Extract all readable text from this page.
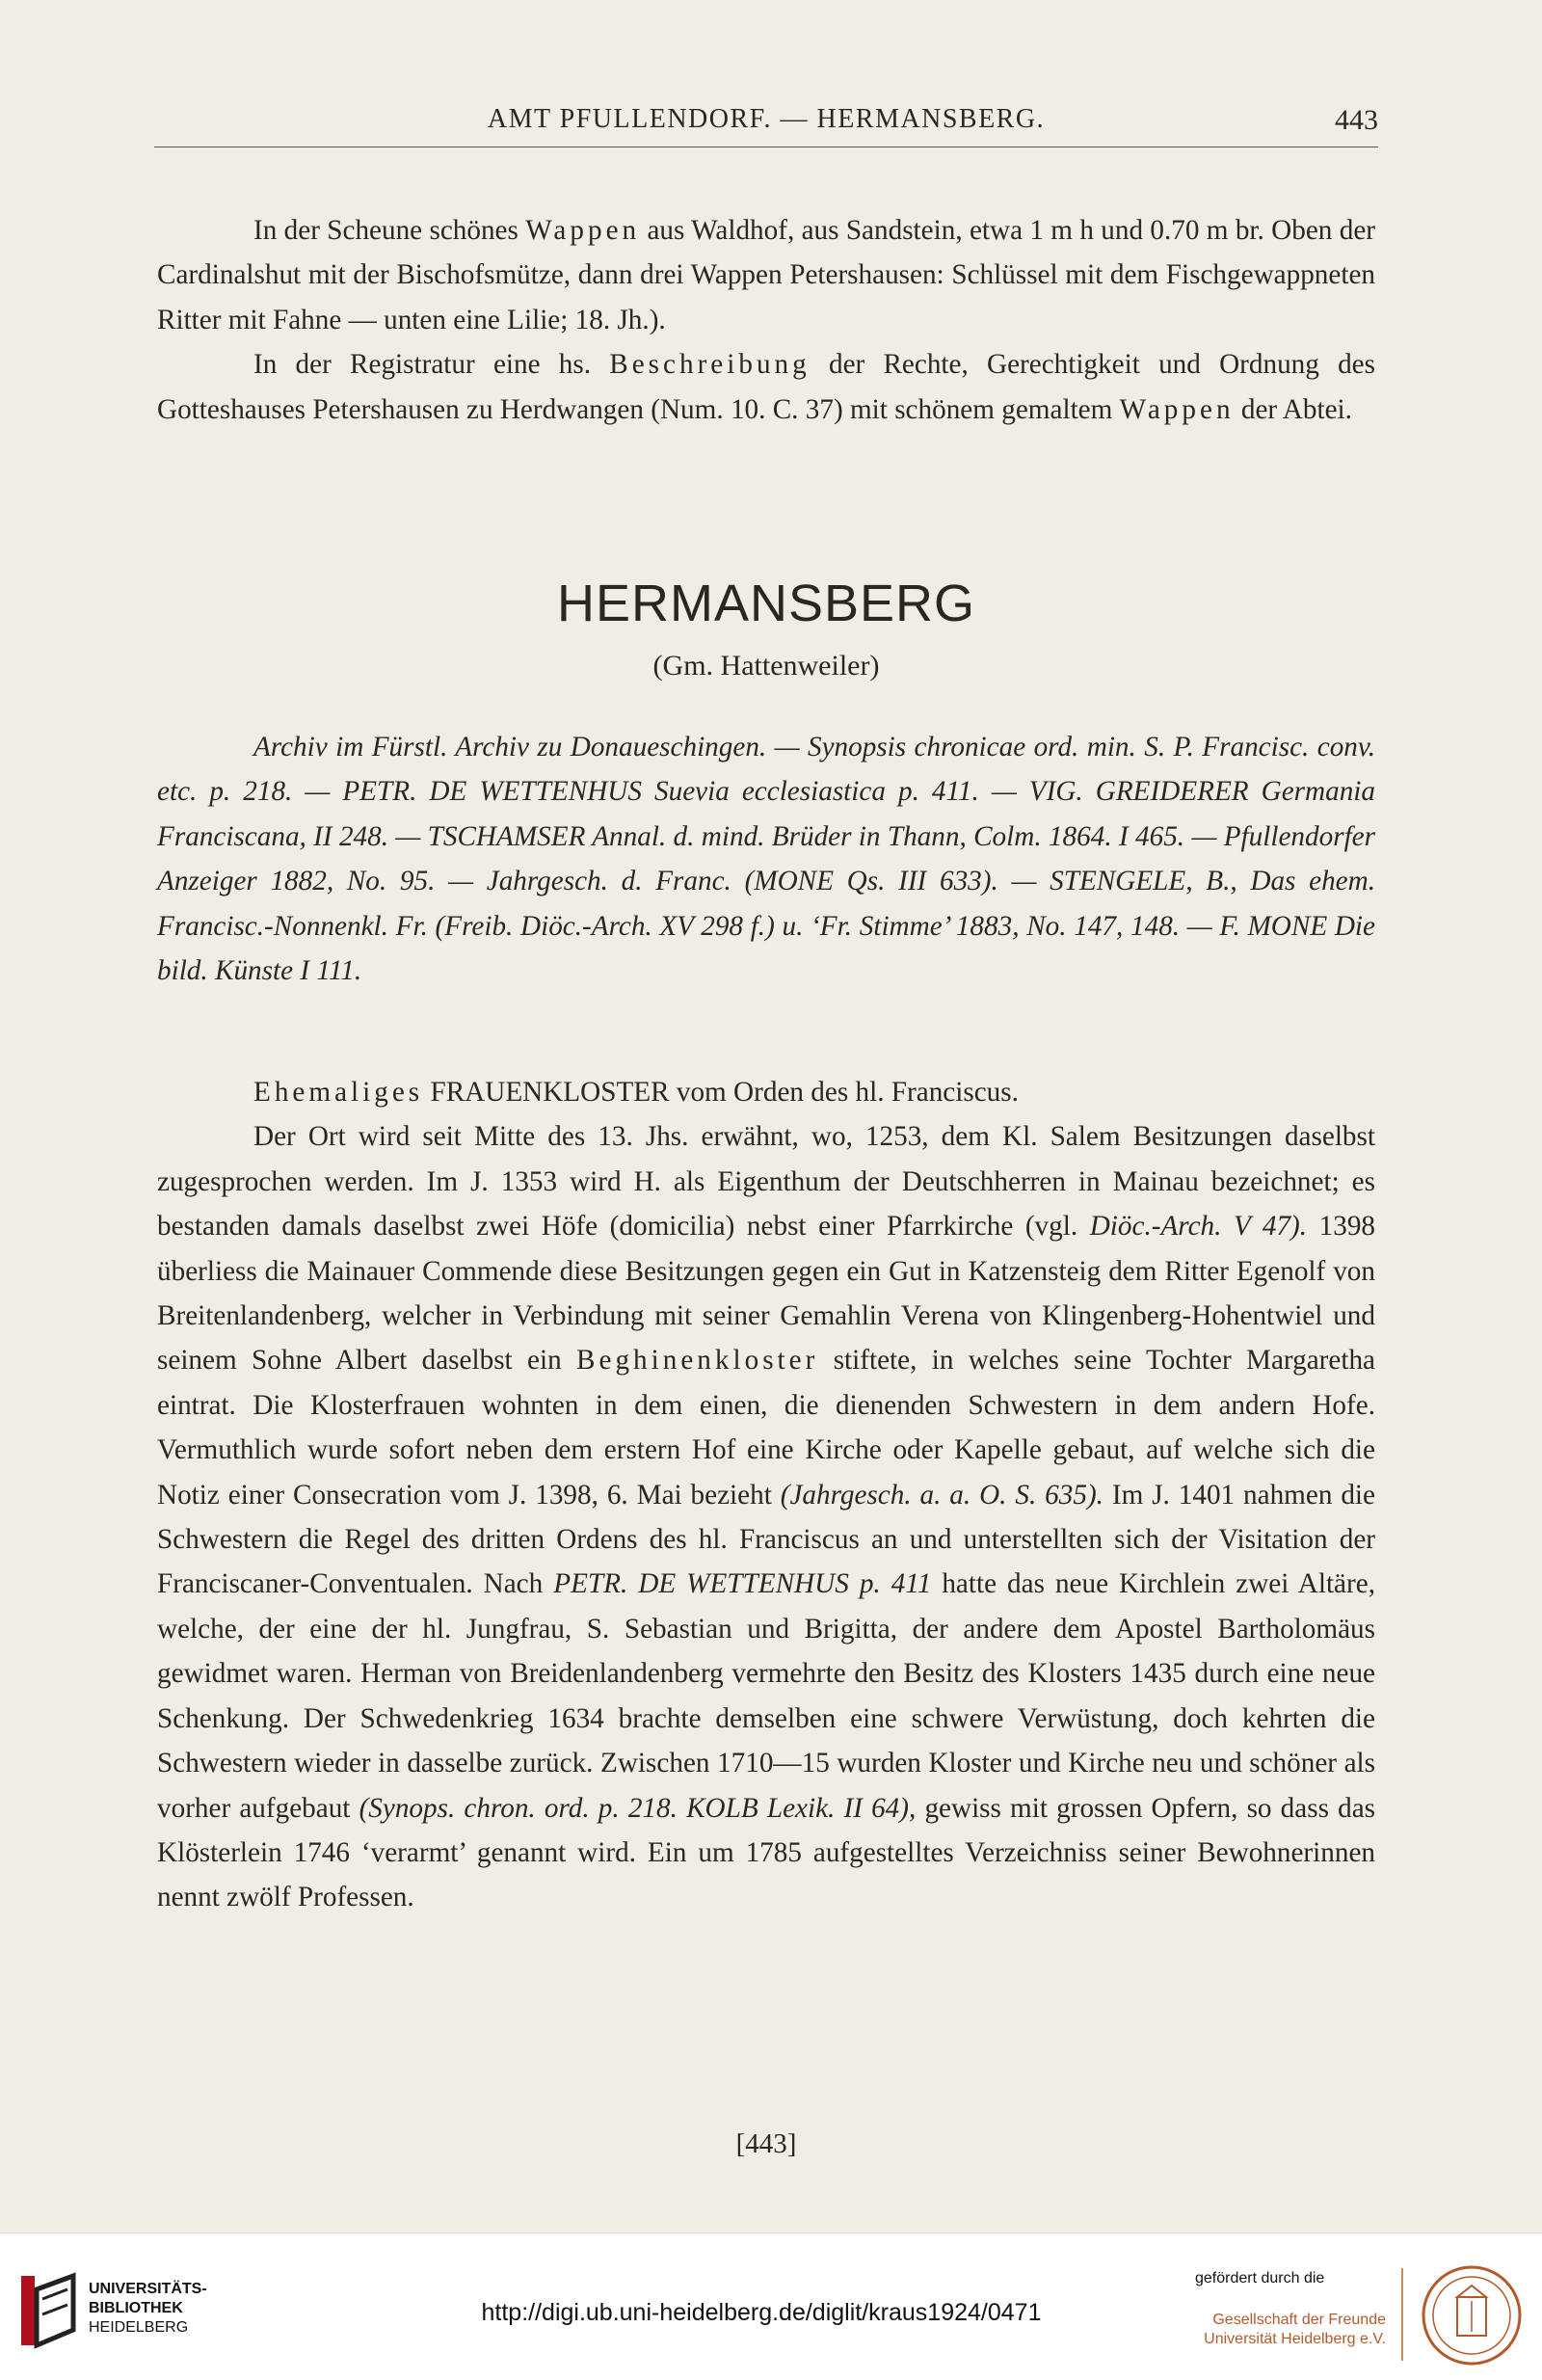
AMT PFULLENDORF. — HERMANSBERG.	443

In der Scheune schönes Wappen aus Waldhof, aus Sandstein, etwa 1 m h und 0.70 m br. Oben der Cardinalshut mit der Bischofsmütze, dann drei Wappen Petershausen: Schlüssel mit dem Fischgewappneten Ritter mit Fahne — unten eine Lilie; 18. Jh.).

In der Registratur eine hs. Beschreibung der Rechte, Gerechtigkeit und Ordnung des Gotteshauses Petershausen zu Herdwangen (Num. 10. C. 37) mit schönem gemaltem Wappen der Abtei.

HERMANSBERG
(Gm. Hattenweiler)

Archiv im Fürstl. Archiv zu Donaueschingen. — Synopsis chronicae ord. min. S. P. Francisc. conv. etc. p. 218. — PETR. DE WETTENHUS Suevia ecclesiastica p. 411. — VIG. GREIDERER Germania Franciscana, II 248. — TSCHAMSER Annal. d. mind. Brüder in Thann, Colm. 1864. I 465. — Pfullendorfer Anzeiger 1882, No. 95. — Jahrgesch. d. Franc. (MONE Qs. III 633). — STENGELE, B., Das ehem. Francisc.-Nonnenkl. Fr. (Freib. Diöc.-Arch. XV 298 f.) u. ‘Fr. Stimme’ 1883, No. 147, 148. — F. MONE Die bild. Künste I 111.

Ehemaliges FRAUENKLOSTER vom Orden des hl. Franciscus.

Der Ort wird seit Mitte des 13. Jhs. erwähnt, wo, 1253, dem Kl. Salem Besitzungen daselbst zugesprochen werden. Im J. 1353 wird H. als Eigenthum der Deutschherren in Mainau bezeichnet; es bestanden damals daselbst zwei Höfe (domicilia) nebst einer Pfarrkirche (vgl. Diöc.-Arch. V 47). 1398 überliess die Mainauer Commende diese Besitzungen gegen ein Gut in Katzensteig dem Ritter Egenolf von Breitenlandenberg, welcher in Verbindung mit seiner Gemahlin Verena von Klingenberg-Hohentwiel und seinem Sohne Albert daselbst ein Beghinenkloster stiftete, in welches seine Tochter Margaretha eintrat. Die Klosterfrauen wohnten in dem einen, die dienenden Schwestern in dem andern Hofe. Vermuthlich wurde sofort neben dem erstern Hof eine Kirche oder Kapelle gebaut, auf welche sich die Notiz einer Consecration vom J. 1398, 6. Mai bezieht (Jahrgesch. a. a. O. S. 635). Im J. 1401 nahmen die Schwestern die Regel des dritten Ordens des hl. Franciscus an und unterstellten sich der Visitation der Franciscaner-Conventualen. Nach PETR. DE WETTENHUS p. 411 hatte das neue Kirchlein zwei Altäre, welche, der eine der hl. Jungfrau, S. Sebastian und Brigitta, der andere dem Apostel Bartholomäus gewidmet waren. Herman von Breidenlandenberg vermehrte den Besitz des Klosters 1435 durch eine neue Schenkung. Der Schwedenkrieg 1634 brachte demselben eine schwere Verwüstung, doch kehrten die Schwestern wieder in dasselbe zurück. Zwischen 1710—15 wurden Kloster und Kirche neu und schöner als vorher aufgebaut (Synops. chron. ord. p. 218. KOLB Lexik. II 64), gewiss mit grossen Opfern, so dass das Klösterlein 1746 ‘verarmt’ genannt wird. Ein um 1785 aufgestelltes Verzeichniss seiner Bewohnerinnen nennt zwölf Professen.

[443]
UNIVERSITÄTS-
BIBLIOTHEK
HEIDELBERG
http://digi.ub.uni-heidelberg.de/diglit/kraus1924/0471
gefördert durch die
Gesellschaft der Freunde
Universität Heidelberg e.V.
